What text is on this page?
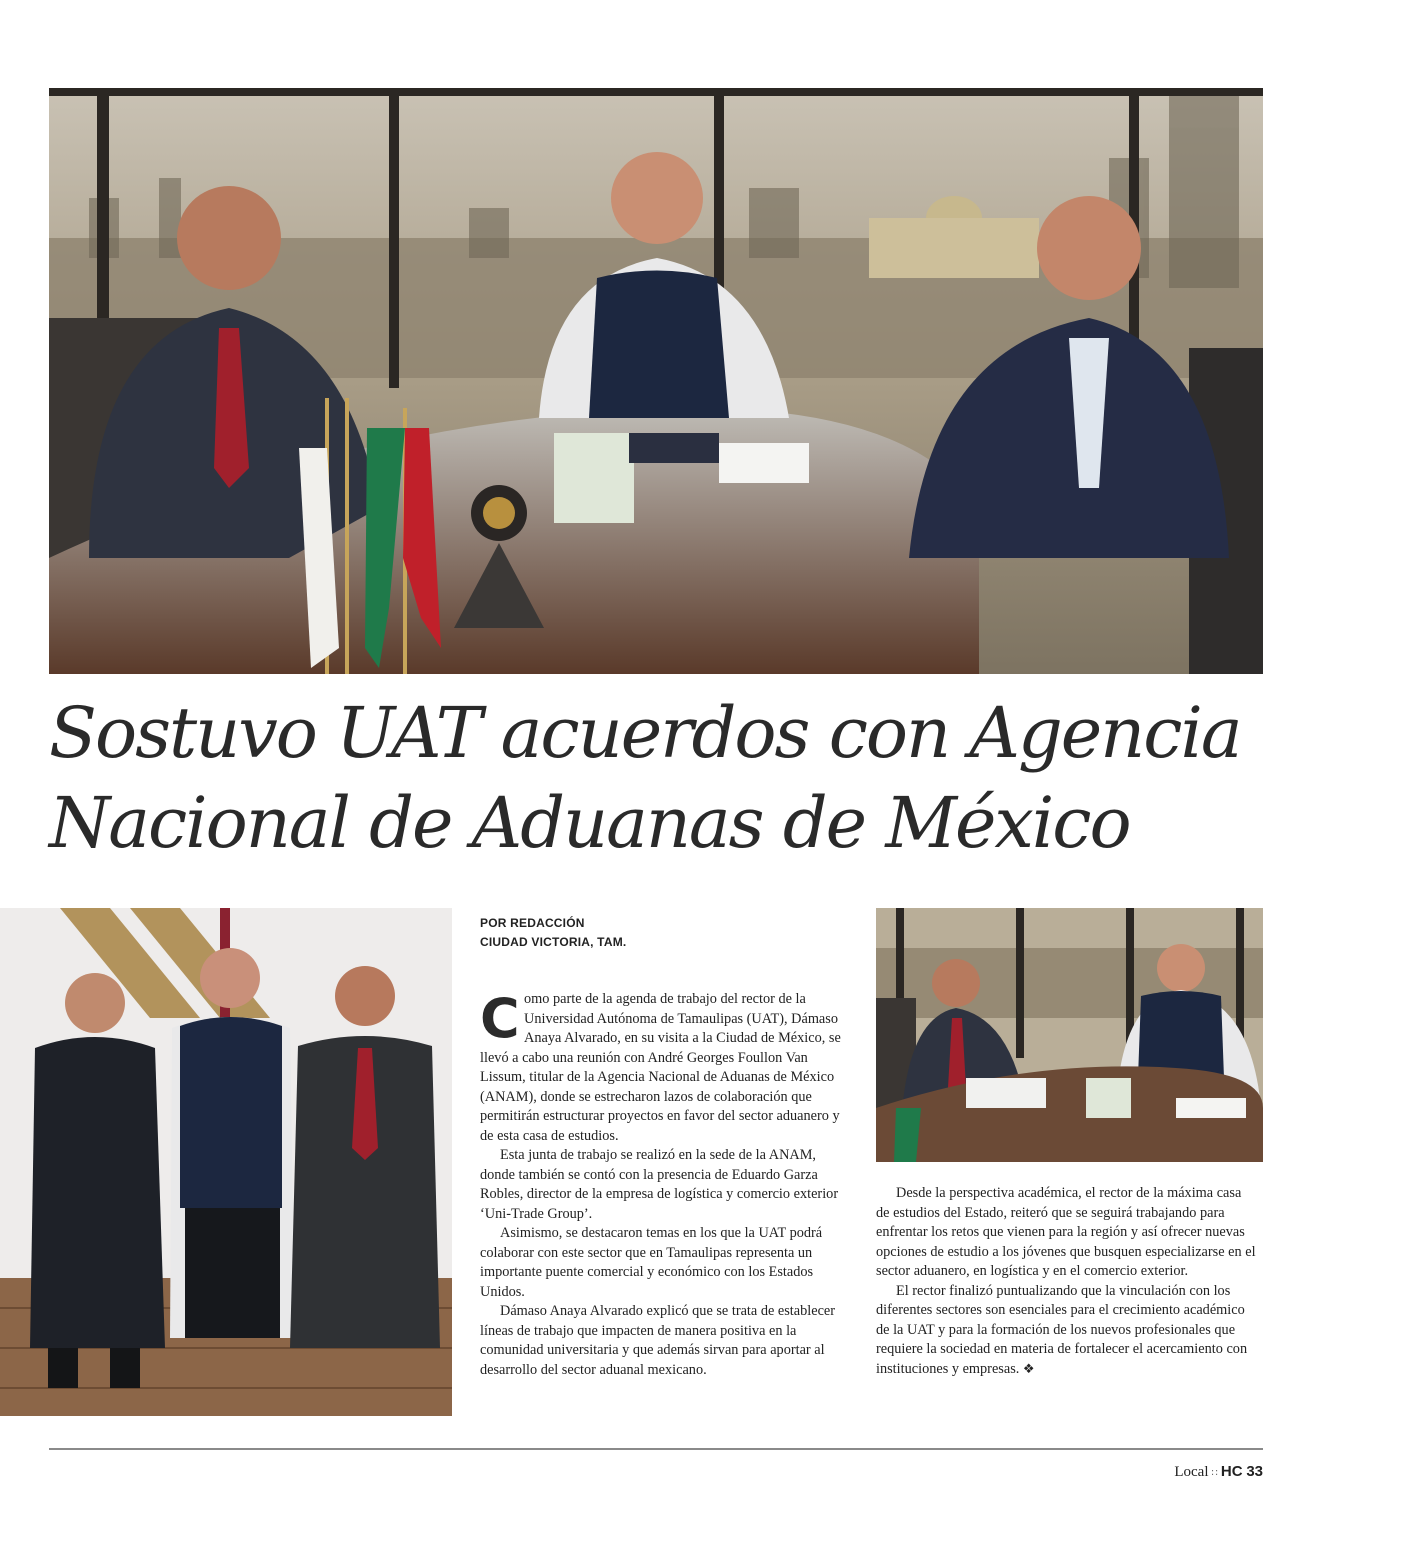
Sostuvo UAT acuerdos con Agencia
Nacional de Aduanas de México
POR REDACCIÓN
CIUDAD VICTORIA, TAM.

Como parte de la agenda de trabajo del rector de la Universidad Autónoma de Tamaulipas (UAT), Dámaso Anaya Alvarado, en su visita a la Ciudad de México, se llevó a cabo una reunión con André Georges Foullon Van Lissum, titular de la Agencia Nacional de Aduanas de México (ANAM), donde se estrecharon lazos de colaboración que permitirán estructurar proyectos en favor del sector aduanero y de esta casa de estudios.

Esta junta de trabajo se realizó en la sede de la ANAM, donde también se contó con la presencia de Eduardo Garza Robles, director de la empresa de logística y comercio exterior ‘Uni-Trade Group’.

Asimismo, se destacaron temas en los que la UAT podrá colaborar con este sector que en Tamaulipas representa un importante puente comercial y económico con los Estados Unidos.

Dámaso Anaya Alvarado explicó que se trata de establecer líneas de trabajo que impacten de manera positiva en la comunidad universitaria y que además sirvan para aportar al desarrollo del sector aduanal mexicano.

Desde la perspectiva académica, el rector de la máxima casa de estudios del Estado, reiteró que se seguirá trabajando para enfrentar los retos que vienen para la región y así ofrecer nuevas opciones de estudio a los jóvenes que busquen especializarse en el sector aduanero, en logística y en el comercio exterior.

El rector finalizó puntualizando que la vinculación con los diferentes sectores son esenciales para el crecimiento académico de la UAT y para la formación de los nuevos profesionales que requiere la sociedad en materia de fortalecer el acercamiento con instituciones y empresas. ❖

Local ∷ HC 33
